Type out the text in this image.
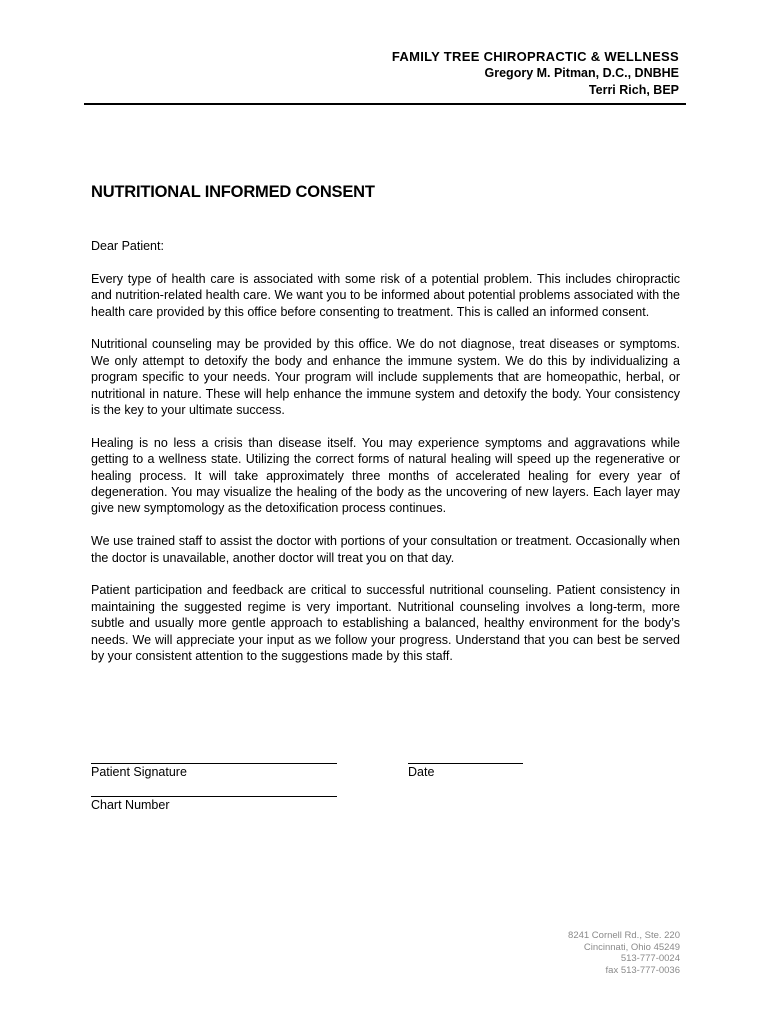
FAMILY TREE CHIROPRACTIC & WELLNESS
Gregory M. Pitman, D.C., DNBHE
Terri Rich, BEP
NUTRITIONAL INFORMED CONSENT

Dear Patient:

Every type of health care is associated with some risk of a potential problem. This includes chiropractic and nutrition-related health care. We want you to be informed about potential problems associated with the health care provided by this office before consenting to treatment. This is called an informed consent.

Nutritional counseling may be provided by this office. We do not diagnose, treat diseases or symptoms. We only attempt to detoxify the body and enhance the immune system. We do this by individualizing a program specific to your needs. Your program will include supplements that are homeopathic, herbal, or nutritional in nature. These will help enhance the immune system and detoxify the body. Your consistency is the key to your ultimate success.

Healing is no less a crisis than disease itself. You may experience symptoms and aggravations while getting to a wellness state. Utilizing the correct forms of natural healing will speed up the regenerative or healing process. It will take approximately three months of accelerated healing for every year of degeneration. You may visualize the healing of the body as the uncovering of new layers. Each layer may give new symptomology as the detoxification process continues.

We use trained staff to assist the doctor with portions of your consultation or treatment. Occasionally when the doctor is unavailable, another doctor will treat you on that day.

Patient participation and feedback are critical to successful nutritional counseling. Patient consistency in maintaining the suggested regime is very important. Nutritional counseling involves a long-term, more subtle and usually more gentle approach to establishing a balanced, healthy environment for the body’s needs. We will appreciate your input as we follow your progress. Understand that you can best be served by your consistent attention to the suggestions made by this staff.

Patient Signature	Date
Chart Number
8241 Cornell Rd., Ste. 220
Cincinnati, Ohio 45249
513-777-0024
fax 513-777-0036
